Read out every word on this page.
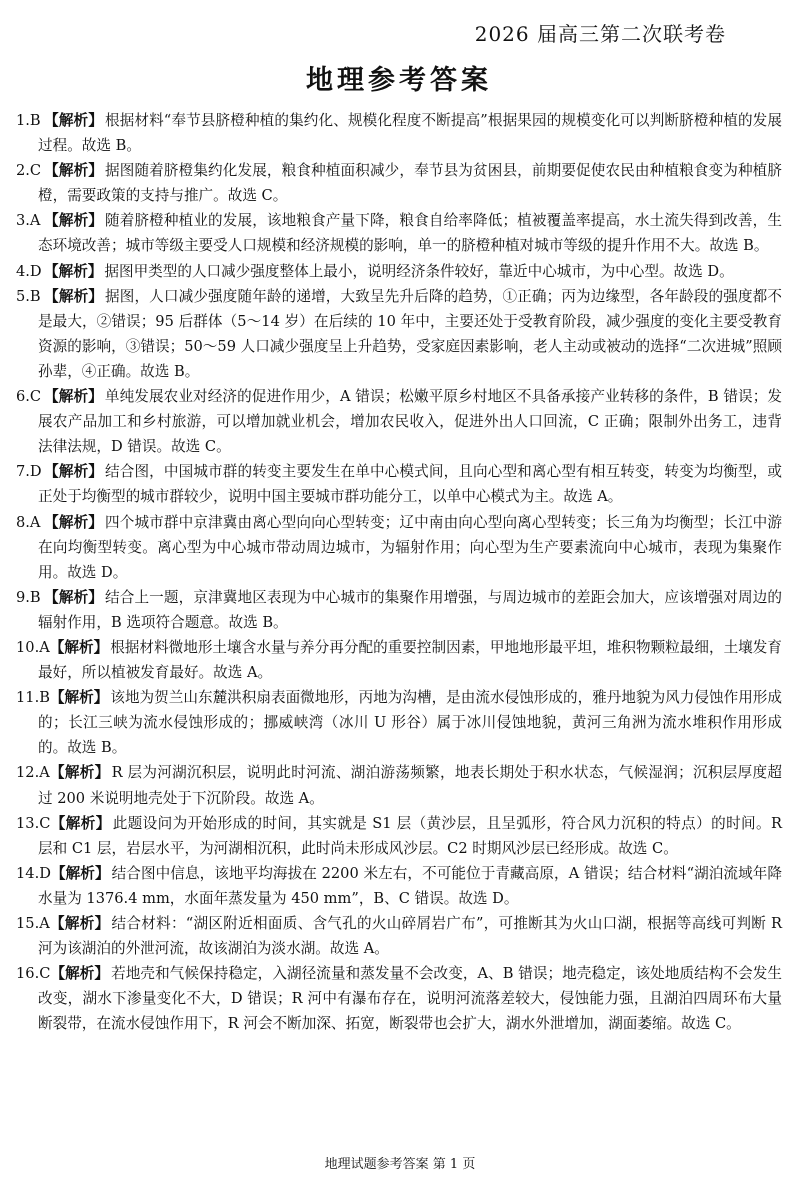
2026 届高三第二次联考卷
地理参考答案

1.B 【解析】 根据材料“奉节县脐橙种植的集约化、规模化程度不断提高”根据果园的规模变化可以判断脐橙种植的发展过程。故选 B。

2.C 【解析】 据图随着脐橙集约化发展，粮食种植面积减少，奉节县为贫困县，前期要促使农民由种植粮食变为种植脐橙，需要政策的支持与推广。故选 C。

3.A 【解析】 随着脐橙种植业的发展，该地粮食产量下降，粮食自给率降低；植被覆盖率提高，水土流失得到改善，生态环境改善；城市等级主要受人口规模和经济规模的影响，单一的脐橙种植对城市等级的提升作用不大。故选 B。

4.D 【解析】 据图甲类型的人口减少强度整体上最小，说明经济条件较好，靠近中心城市，为中心型。故选 D。

5.B 【解析】 据图，人口减少强度随年龄的递增，大致呈先升后降的趋势，①正确；丙为边缘型，各年龄段的强度都不是最大，②错误；95 后群体（5～14 岁）在后续的 10 年中，主要还处于受教育阶段，减少强度的变化主要受教育资源的影响，③错误；50～59 人口减少强度呈上升趋势，受家庭因素影响，老人主动或被动的选择“二次进城”照顾孙辈，④正确。故选 B。

6.C 【解析】 单纯发展农业对经济的促进作用少，A 错误；松嫩平原乡村地区不具备承接产业转移的条件，B 错误；发展农产品加工和乡村旅游，可以增加就业机会，增加农民收入，促进外出人口回流，C 正确；限制外出务工，违背法律法规，D 错误。故选 C。

7.D 【解析】 结合图，中国城市群的转变主要发生在单中心模式间，且向心型和离心型有相互转变，转变为均衡型，或正处于均衡型的城市群较少，说明中国主要城市群功能分工，以单中心模式为主。故选 A。

8.A 【解析】 四个城市群中京津冀由离心型向向心型转变；辽中南由向心型向离心型转变；长三角为均衡型；长江中游在向均衡型转变。离心型为中心城市带动周边城市，为辐射作用；向心型为生产要素流向中心城市，表现为集聚作用。故选 D。

9.B 【解析】 结合上一题，京津冀地区表现为中心城市的集聚作用增强，与周边城市的差距会加大，应该增强对周边的辐射作用，B 选项符合题意。故选 B。

10.A【解析】 根据材料微地形土壤含水量与养分再分配的重要控制因素，甲地地形最平坦，堆积物颗粒最细，土壤发育最好，所以植被发育最好。故选 A。

11.B【解析】 该地为贺兰山东麓洪积扇表面微地形，丙地为沟槽，是由流水侵蚀形成的，雅丹地貌为风力侵蚀作用形成的；长江三峡为流水侵蚀形成的；挪威峡湾（冰川 U 形谷）属于冰川侵蚀地貌，黄河三角洲为流水堆积作用形成的。故选 B。

12.A【解析】 R 层为河湖沉积层，说明此时河流、湖泊游荡频繁，地表长期处于积水状态，气候湿润；沉积层厚度超过 200 米说明地壳处于下沉阶段。故选 A。

13.C【解析】 此题设问为开始形成的时间，其实就是 S1 层（黄沙层，且呈弧形，符合风力沉积的特点）的时间。R 层和 C1 层，岩层水平，为河湖相沉积，此时尚未形成风沙层。C2 时期风沙层已经形成。故选 C。

14.D【解析】 结合图中信息，该地平均海拔在 2200 米左右，不可能位于青藏高原，A 错误；结合材料“湖泊流域年降水量为 1376.4 mm，水面年蒸发量为 450 mm”，B、C 错误。故选 D。

15.A【解析】 结合材料：“湖区附近相面质、含气孔的火山碎屑岩广布”，可推断其为火山口湖，根据等高线可判断 R 河为该湖泊的外泄河流，故该湖泊为淡水湖。故选 A。

16.C【解析】 若地壳和气候保持稳定，入湖径流量和蒸发量不会改变，A、B 错误；地壳稳定，该处地质结构不会发生改变，湖水下渗量变化不大，D 错误；R 河中有瀑布存在，说明河流落差较大，侵蚀能力强，且湖泊四周环布大量断裂带，在流水侵蚀作用下，R 河会不断加深、拓宽，断裂带也会扩大，湖水外泄增加，湖面萎缩。故选 C。

地理试题参考答案 第 1 页
